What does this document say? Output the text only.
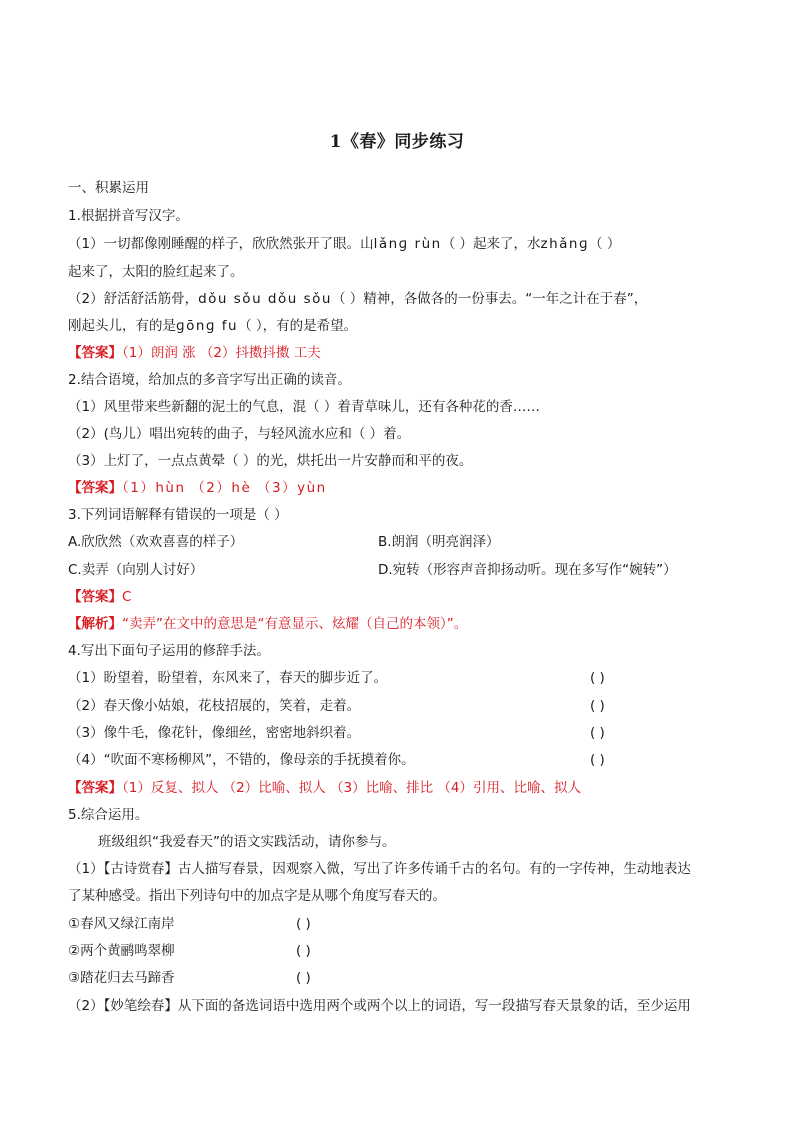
1《春》同步练习
一、积累运用
1.根据拼音写汉字。
（1）一切都像刚睡醒的样子，欣欣然张开了眼。山lǎnɡ rùn（ ）起来了，水zhǎnɡ（ ）
起来了，太阳的脸红起来了。
（2）舒活舒活筋骨，dǒu sǒu dǒu sǒu（ ）精神，各做各的一份事去。“一年之计在于春”，
刚起头儿，有的是ɡōnɡ fu（ ），有的是希望。
【答案】（1）朗润 涨 （2）抖擞抖擞 工夫
2.结合语境，给加点的多音字写出正确的读音。
（1）风里带来些新翻的泥土的气息，混（ ）着青草味儿，还有各种花的香……
（2）(鸟儿）唱出宛转的曲子，与轻风流水应和（ ）着。
（3）上灯了，一点点黄晕（ ）的光，烘托出一片安静而和平的夜。
【答案】（1）hùn （2）hè （3）yùn
3.下列词语解释有错误的一项是（ ）
A.欣欣然（欢欢喜喜的样子）	B.朗润（明亮润泽）
C.卖弄（向别人讨好）	D.宛转（形容声音抑扬动听。现在多写作“婉转”）
【答案】C
【解析】“卖弄”在文中的意思是“有意显示、炫耀（自己的本领）”。
4.写出下面句子运用的修辞手法。
（1）盼望着，盼望着，东风来了，春天的脚步近了。	( )
（2）春天像小姑娘，花枝招展的，笑着，走着。	( )
（3）像牛毛，像花针，像细丝，密密地斜织着。	( )
（4）“吹面不寒杨柳风”，不错的，像母亲的手抚摸着你。	( )
【答案】（1）反复、拟人 （2）比喻、拟人 （3）比喻、排比 （4）引用、比喻、拟人
5.综合运用。
班级组织“我爱春天”的语文实践活动，请你参与。
（1）【古诗赏春】古人描写春景，因观察入微，写出了许多传诵千古的名句。有的一字传神，生动地表达
了某种感受。指出下列诗句中的加点字是从哪个角度写春天的。
①春风又绿江南岸	( )
②两个黄鹂鸣翠柳	( )
③踏花归去马蹄香	( )
（2）【妙笔绘春】从下面的备选词语中选用两个或两个以上的词语，写一段描写春天景象的话，至少运用
